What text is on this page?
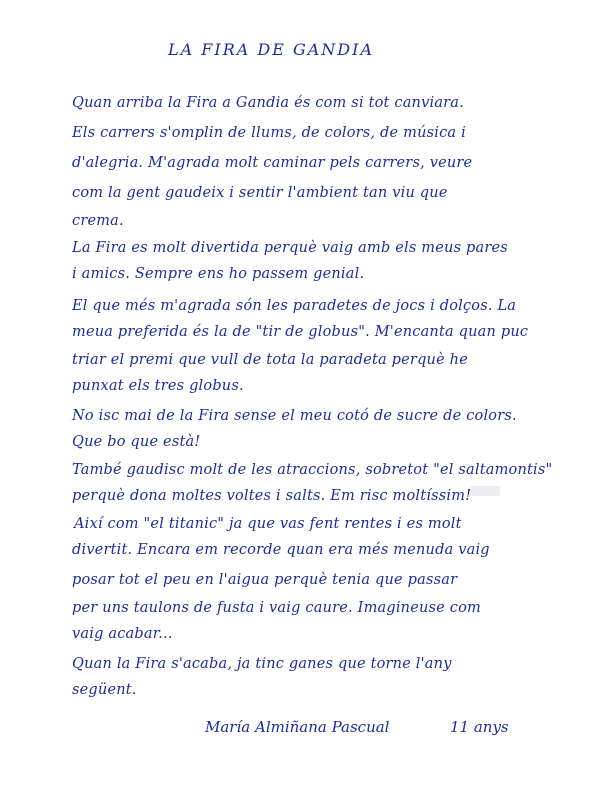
LA FIRA DE GANDIA
Quan arriba la Fira a Gandia és com si tot canviara.
Els carrers s'omplin de llums, de colors, de música i
d'alegria. M'agrada molt caminar pels carrers, veure
com la gent gaudeix i sentir l'ambient tan viu que
crema.
La Fira es molt divertida perquè vaig amb els meus pares
i amics. Sempre ens ho passem genial.
El que més m'agrada són les paradetes de jocs i dolços. La
meua preferida és la de "tir de globus". M'encanta quan puc
triar el premi que vull de tota la paradeta perquè he
punxat els tres globus.
No isc mai de la Fira sense el meu cotó de sucre de colors.
Que bo que està!
També gaudisc molt de les atraccions, sobretot "el saltamontis"
perquè dona moltes voltes i salts. Em risc moltíssim!
Així com "el titanic" ja que vas fent rentes i es molt
divertit. Encara em recorde quan era més menuda vaig
posar tot el peu en l'aigua perquè tenia que passar
per uns taulons de fusta i vaig caure. Imagineuse com
vaig acabar...
Quan la Fira s'acaba, ja tinc ganes que torne l'any
següent.
María Almiñana Pascual	11 anys
